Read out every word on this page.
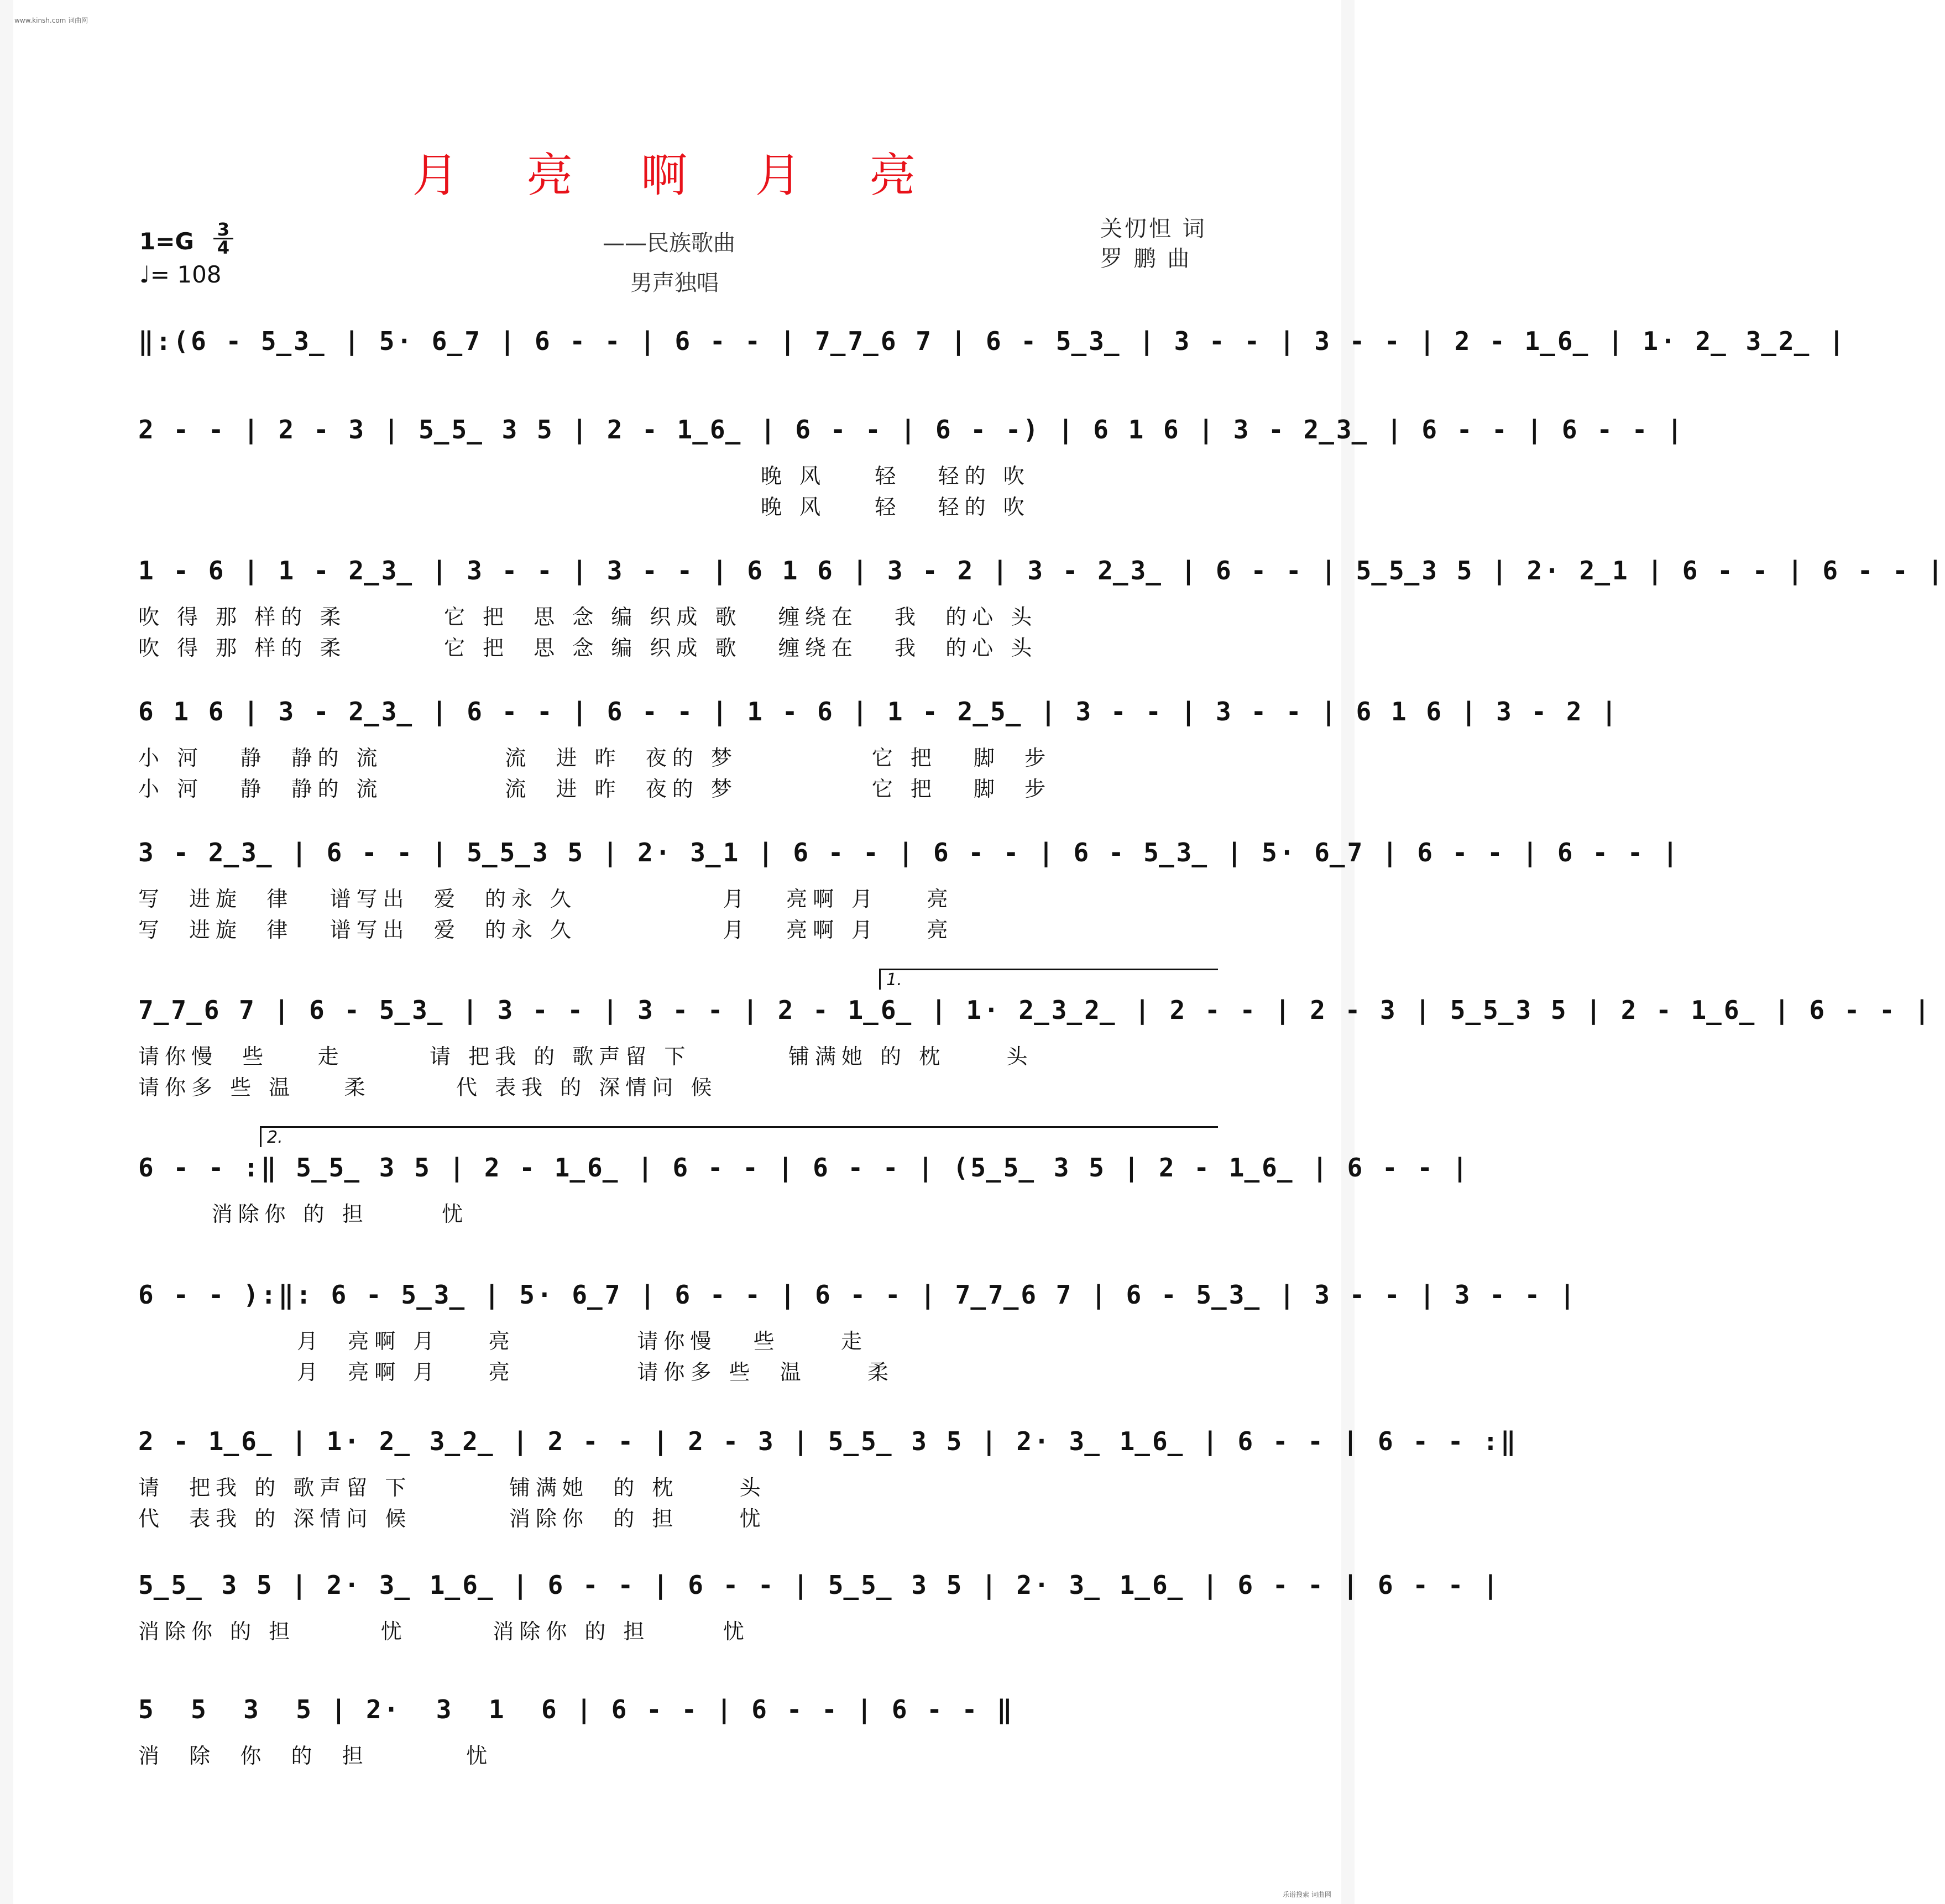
www.kinsh.com 词曲网
乐谱搜索 词曲网
月 亮 啊 月 亮
1=G 3
4
♩= 108
——民族歌曲
男声独唱
关忉怛 词
罗 鹏 曲
‖:(6 - 5̲3̲ | 5· 6̲7 | 6 - - | 6 - - | 7̲7̲6 7 | 6 - 5̲3̲ | 3 - - | 3 - - | 2 - 1̲6̲ | 1· 2̲ 3̲2̲ |
2 - - | 2 - 3 | 5̲5̲ 3 5 | 2 - 1̲6̲ | 6 - - | 6 - -) | 6 1 6 | 3 - 2̲3̲ | 6 - - | 6 - - |
晚 风    轻   轻的 吹
晚 风    轻   轻的 吹
1 - 6 | 1 - 2̲3̲ | 3 - - | 3 - - | 6 1 6 | 3 - 2 | 3 - 2̲3̲ | 6 - - | 5̲5̲3 5 | 2· 2̲1 | 6 - - | 6 - - |
吹 得 那 样的 柔        它 把  思 念 编 织成 歌   缠绕在   我  的心 头
吹 得 那 样的 柔        它 把  思 念 编 织成 歌   缠绕在   我  的心 头
6 1 6 | 3 - 2̲3̲ | 6 - - | 6 - - | 1 - 6 | 1 - 2̲5̲ | 3 - - | 3 - - | 6 1 6 | 3 - 2 |
小 河   静  静的 流          流  进 昨  夜的 梦           它 把   脚  步
小 河   静  静的 流          流  进 昨  夜的 梦           它 把   脚  步
3 - 2̲3̲ | 6 - - | 5̲5̲3 5 | 2· 3̲1 | 6 - - | 6 - - | 6 - 5̲3̲ | 5· 6̲7 | 6 - - | 6 - - |
写  进旋  律   谱写出  爱  的永 久            月   亮啊 月    亮
写  进旋  律   谱写出  爱  的永 久            月   亮啊 月    亮
1.
7̲7̲6 7 | 6 - 5̲3̲ | 3 - - | 3 - - | 2 - 1̲6̲ | 1· 2̲3̲2̲ | 2 - - | 2 - 3 | 5̲5̲3 5 | 2 - 1̲6̲ | 6 - - |
请你慢  些    走       请 把我 的 歌声留 下        铺满她 的 枕     头
请你多 些 温    柔       代 表我 的 深情问 候
2.
6 - - :‖ 5̲5̲ 3 5 | 2 - 1̲6̲ | 6 - - | 6 - - | (5̲5̲ 3 5 | 2 - 1̲6̲ | 6 - - |
消除你 的 担      忧
6 - - ):‖: 6 - 5̲3̲ | 5· 6̲7 | 6 - - | 6 - - | 7̲7̲6 7 | 6 - 5̲3̲ | 3 - - | 3 - - |
月  亮啊 月    亮          请你慢   些     走
月  亮啊 月    亮          请你多 些  温     柔
2 - 1̲6̲ | 1· 2̲ 3̲2̲ | 2 - - | 2 - 3 | 5̲5̲ 3 5 | 2· 3̲ 1̲6̲ | 6 - - | 6 - - :‖
请  把我 的 歌声留 下        铺满她  的 枕     头
代  表我 的 深情问 候        消除你  的 担     忧
5̲5̲ 3 5 | 2· 3̲ 1̲6̲ | 6 - - | 6 - - | 5̲5̲ 3 5 | 2· 3̲ 1̲6̲ | 6 - - | 6 - - |
消除你 的 担       忧       消除你 的 担      忧
5  5  3  5 | 2·  3  1  6 | 6 - - | 6 - - | 6 - - ‖
消  除  你  的  担        忧
